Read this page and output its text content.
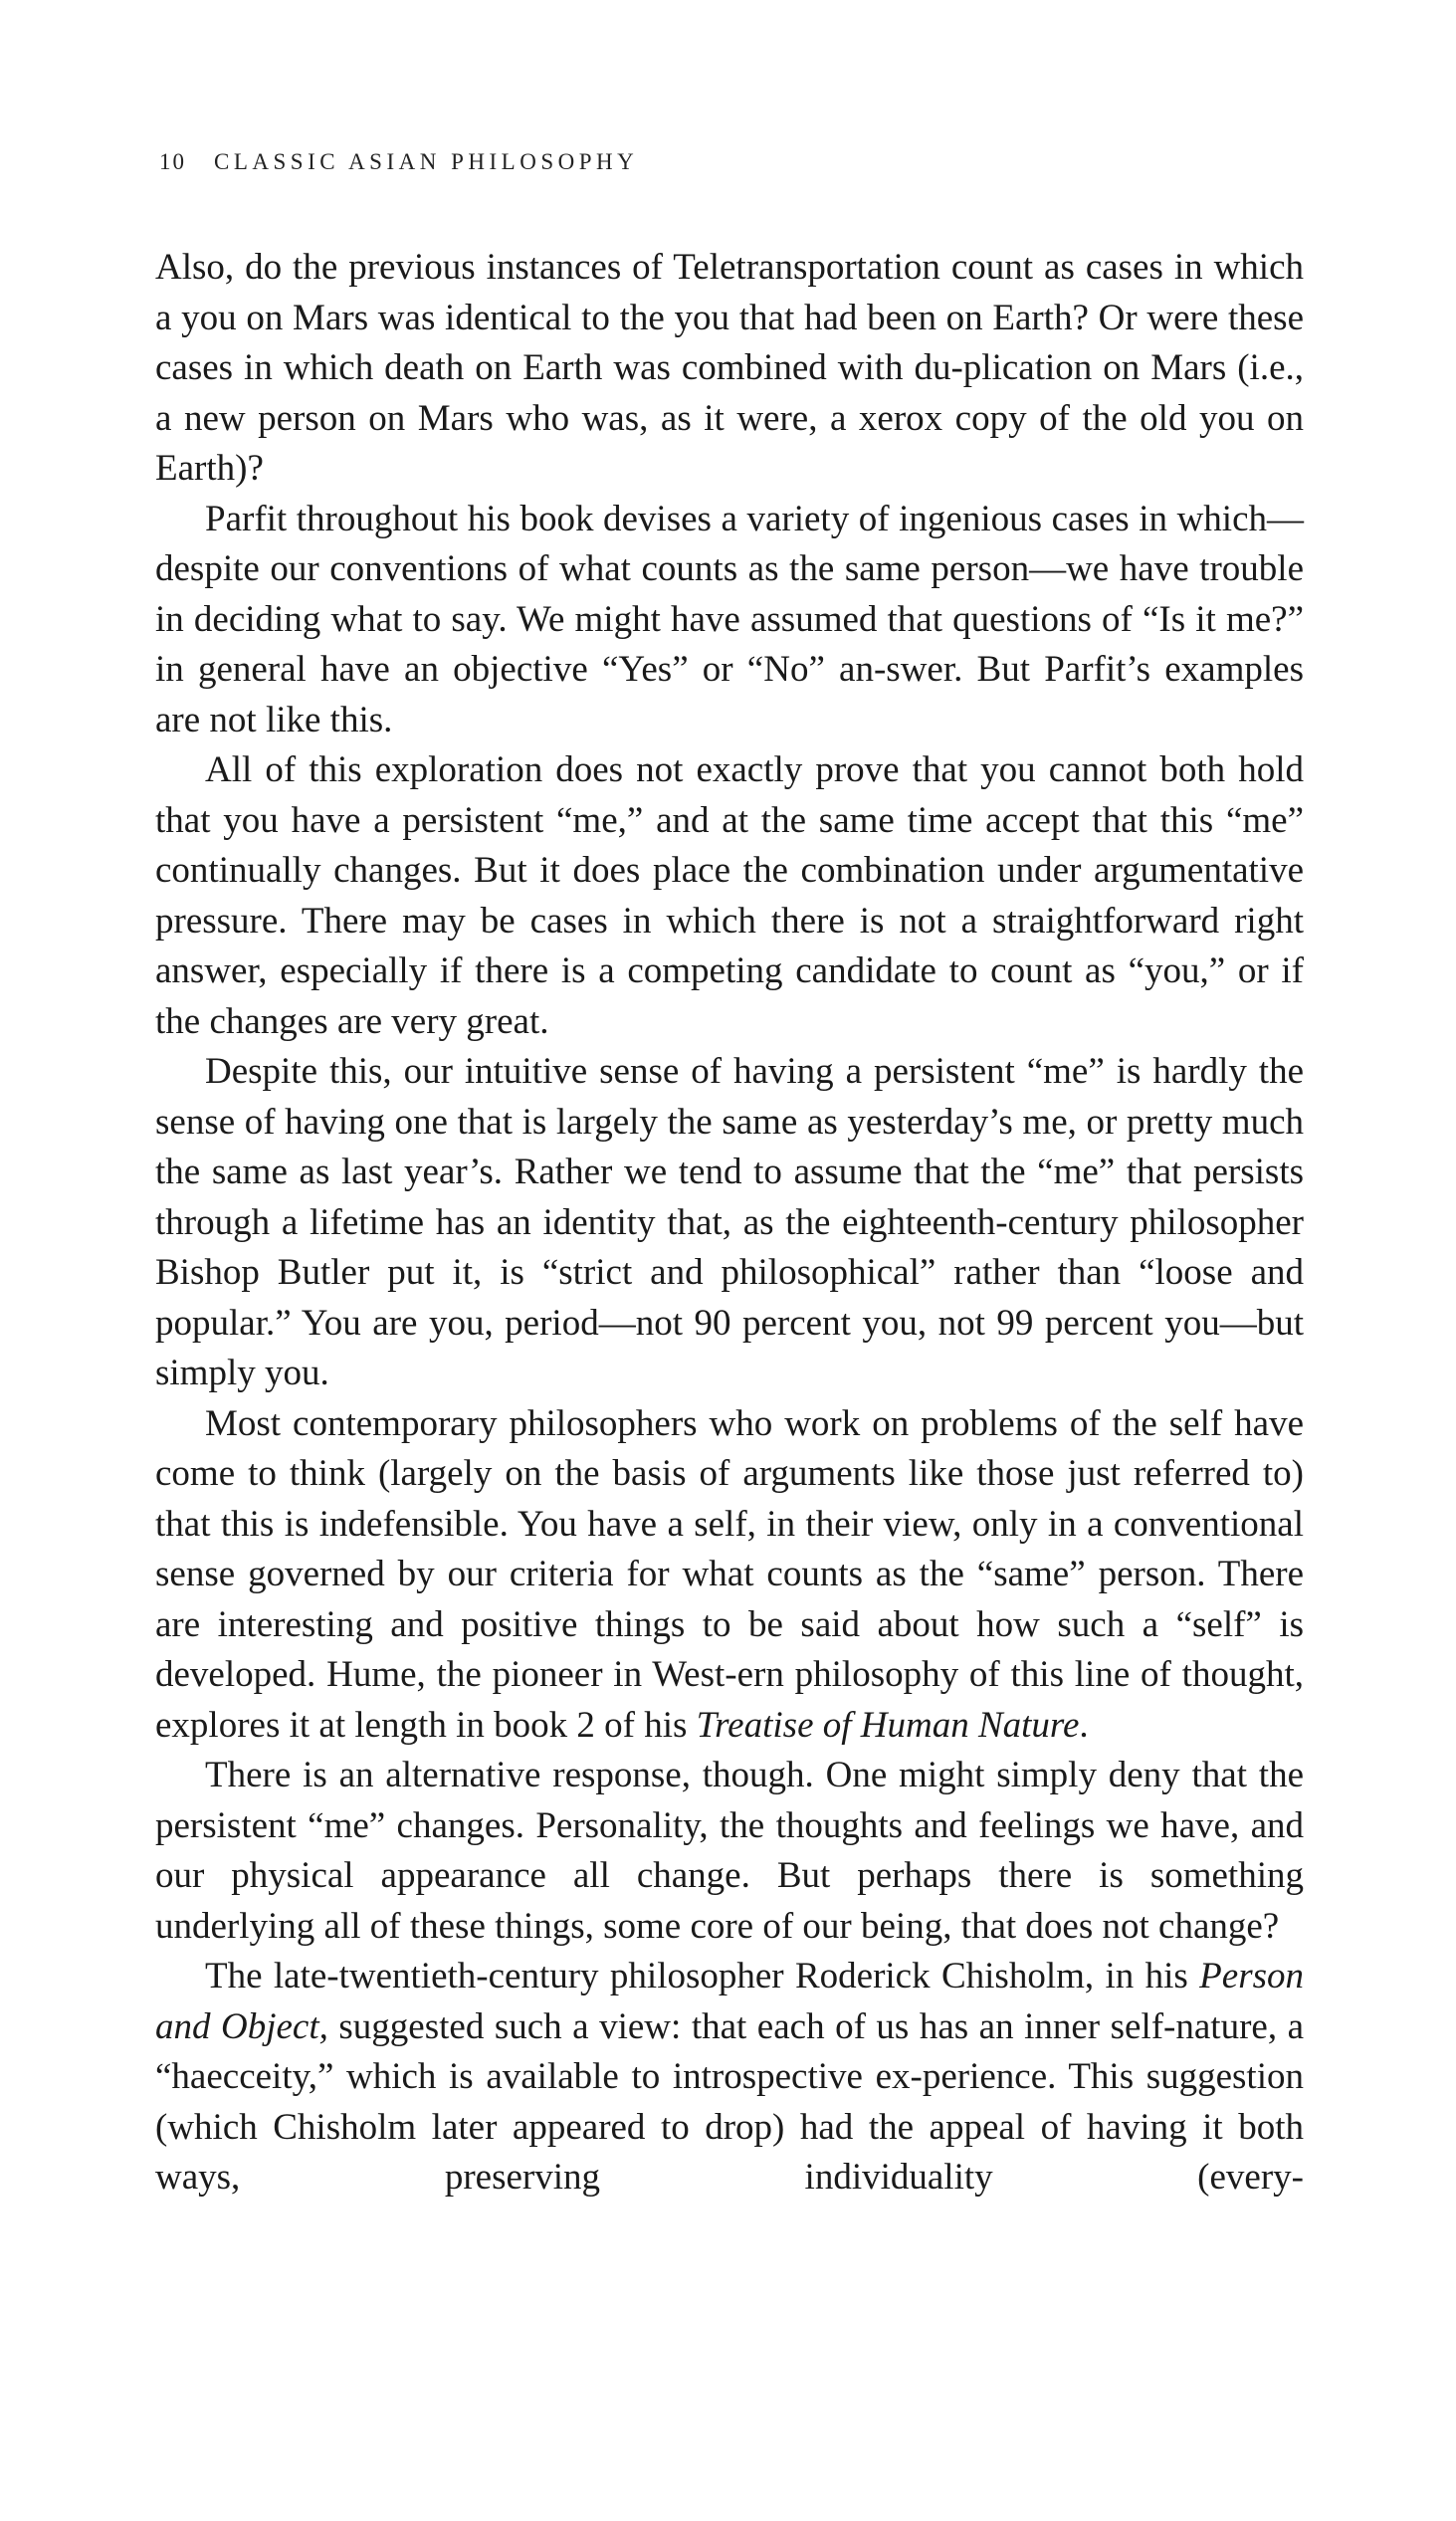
10 CLASSIC ASIAN PHILOSOPHY

Also, do the previous instances of Teletransportation count as cases in which a you on Mars was identical to the you that had been on Earth? Or were these cases in which death on Earth was combined with du-plication on Mars (i.e., a new person on Mars who was, as it were, a xerox copy of the old you on Earth)?

Parfit throughout his book devises a variety of ingenious cases in which—despite our conventions of what counts as the same person—we have trouble in deciding what to say. We might have assumed that questions of “Is it me?” in general have an objective “Yes” or “No” an-swer. But Parfit’s examples are not like this.

All of this exploration does not exactly prove that you cannot both hold that you have a persistent “me,” and at the same time accept that this “me” continually changes. But it does place the combination under argumentative pressure. There may be cases in which there is not a straightforward right answer, especially if there is a competing candidate to count as “you,” or if the changes are very great.

Despite this, our intuitive sense of having a persistent “me” is hardly the sense of having one that is largely the same as yesterday’s me, or pretty much the same as last year’s. Rather we tend to assume that the “me” that persists through a lifetime has an identity that, as the eighteenth-century philosopher Bishop Butler put it, is “strict and philosophical” rather than “loose and popular.” You are you, period—not 90 percent you, not 99 percent you—but simply you.

Most contemporary philosophers who work on problems of the self have come to think (largely on the basis of arguments like those just referred to) that this is indefensible. You have a self, in their view, only in a conventional sense governed by our criteria for what counts as the “same” person. There are interesting and positive things to be said about how such a “self” is developed. Hume, the pioneer in West-ern philosophy of this line of thought, explores it at length in book 2 of his Treatise of Human Nature.

There is an alternative response, though. One might simply deny that the persistent “me” changes. Personality, the thoughts and feelings we have, and our physical appearance all change. But perhaps there is something underlying all of these things, some core of our being, that does not change?

The late-twentieth-century philosopher Roderick Chisholm, in his Person and Object, suggested such a view: that each of us has an inner self-nature, a “haecceity,” which is available to introspective ex-perience. This suggestion (which Chisholm later appeared to drop) had the appeal of having it both ways, preserving individuality (every-
